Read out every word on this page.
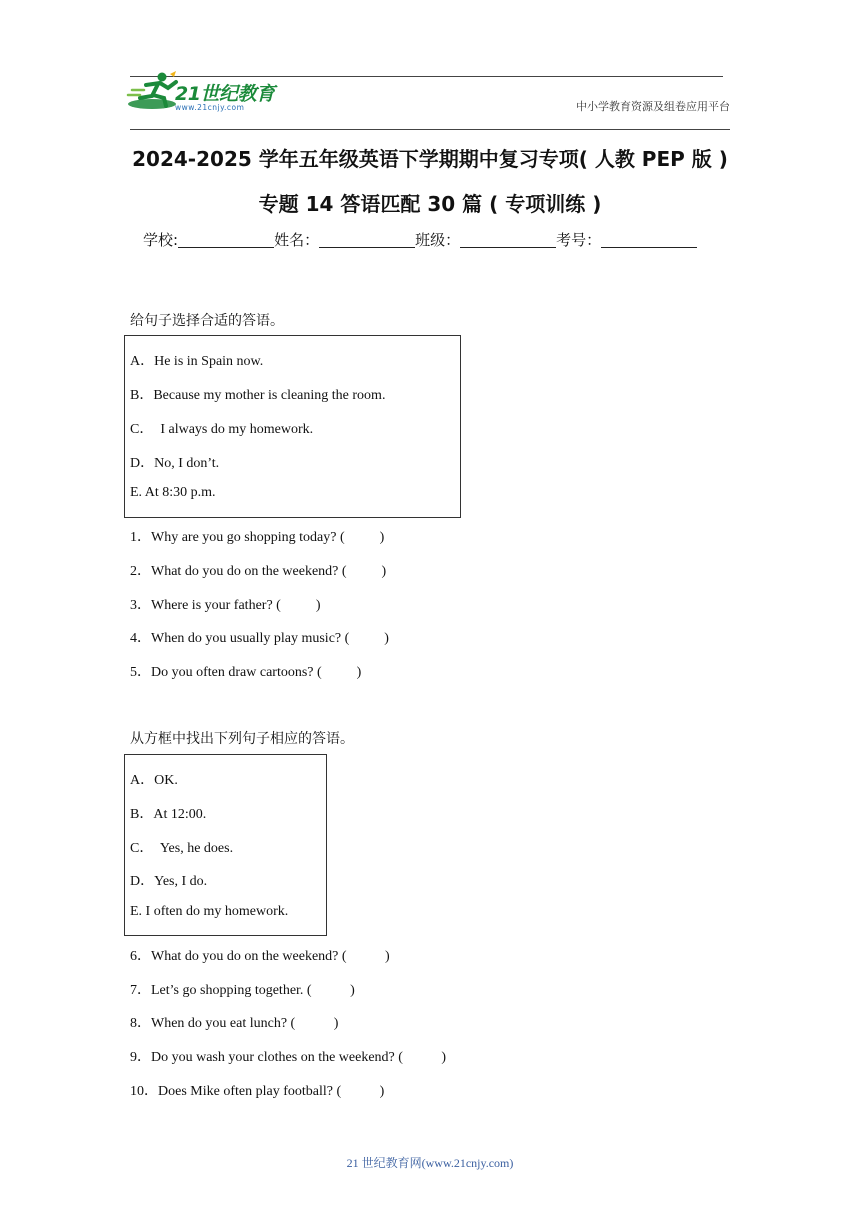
21世纪教育
www.21cnjy.com	中小学教育资源及组卷应用平台
2024-2025 学年五年级英语下学期期中复习专项( 人教 PEP 版 )
专题 14 答语匹配 30 篇 ( 专项训练 )
学校:	姓名：	班级：	考号：
给句子选择合适的答语。
A．He is in Spain now.
B．Because my mother is cleaning the room.
C．  I always do my homework.
D．No, I don’t.
E. At 8:30 p.m.
1．Why are you go shopping today? (          )
2．What do you do on the weekend? (          )
3．Where is your father? (          )
4．When do you usually play music? (          )
5．Do you often draw cartoons? (          )
从方框中找出下列句子相应的答语。
A．OK.
B．At 12:00.
C．  Yes, he does.
D．Yes, I do.
E. I often do my homework.
6．What do you do on the weekend? (           )
7．Let’s go shopping together. (           )
8．When do you eat lunch? (           )
9．Do you wash your clothes on the weekend? (           )
10．Does Mike often play football? (           )
21 世纪教育网(www.21cnjy.com)
